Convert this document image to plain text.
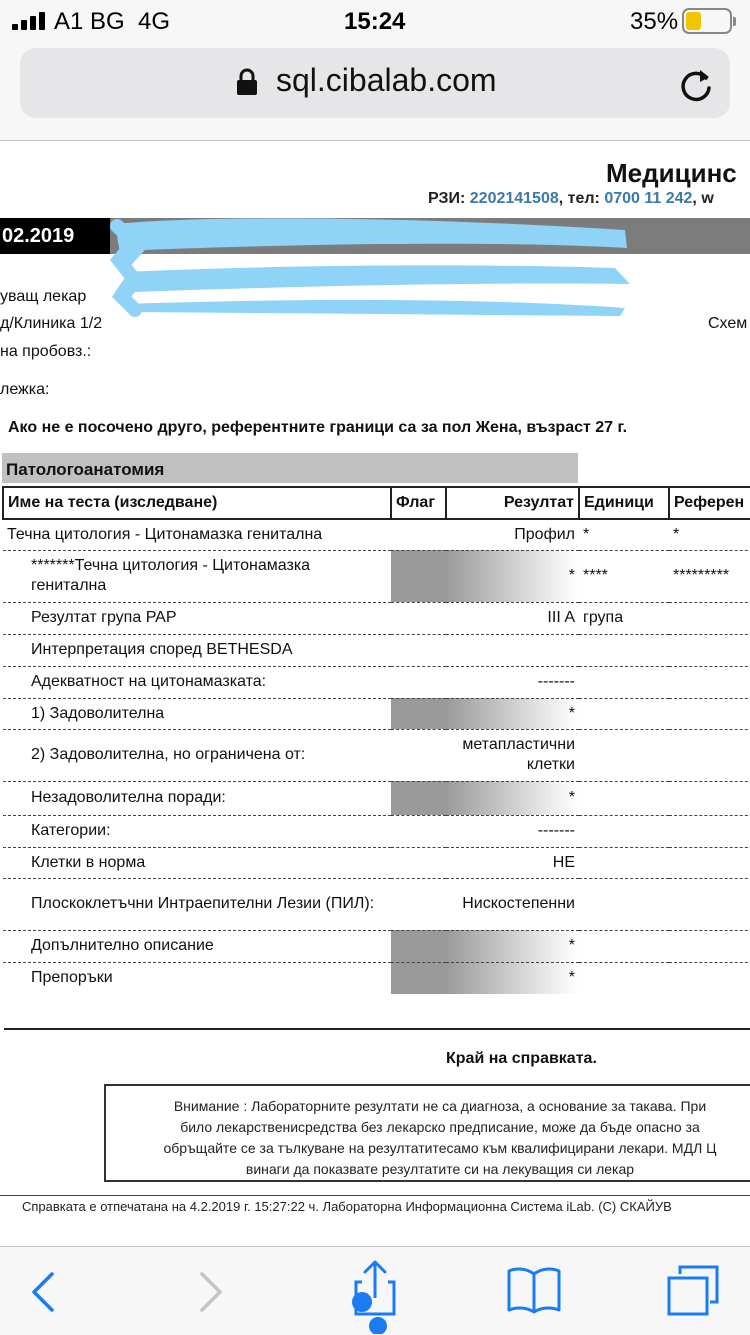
A1 BG 4G	15:24	35%
sql.cibalab.com
Медицинс
РЗИ: 2202141508, тел: 0700 11 242, w
02.2019
уващ лекар
д/Клиника 1/2	Схем
на пробовз.:
лежка:
Ако не е посочено друго, референтните граници са за пол Жена, възраст 27 г.
Патологоанатомия
Име на теста (изследване)	Флаг	Резултат	Единици	Референ
Течна цитология - Цитонамазка генитална		Профил	*	*
*******Течна цитология - Цитонамазка генитална		*	****	*********
Резултат група PAP		III A	група	
Интерпретация според BETHESDA				
Адекватност на цитонамазката:		-------		
1) Задоволителна		*		
2) Задоволителна, но ограничена от:		метапластични клетки		
Незадоволителна поради:		*		
Категории:		-------		
Клетки в норма		НЕ		
Плоскоклетъчни Интраепителни Лезии (ПИЛ):		Нискостепенни		
Допълнително описание		*		
Препоръки		*		
Край на справката.
Внимание : Лабораторните резултати не са диагноза, а основание за такава. При
било лекарственисредства без лекарско предписание, може да бъде опасно за
обръщайте се за тълкуване на резултатитесамо към квалифицирани лекари. МДЛ Ц
винаги да показвате резултатите си на лекуващия си лекар
Справката е отпечатана на 4.2.2019 г. 15:27:22 ч. Лабораторна Информационна Система iLab. (C) СКАЙУВ
